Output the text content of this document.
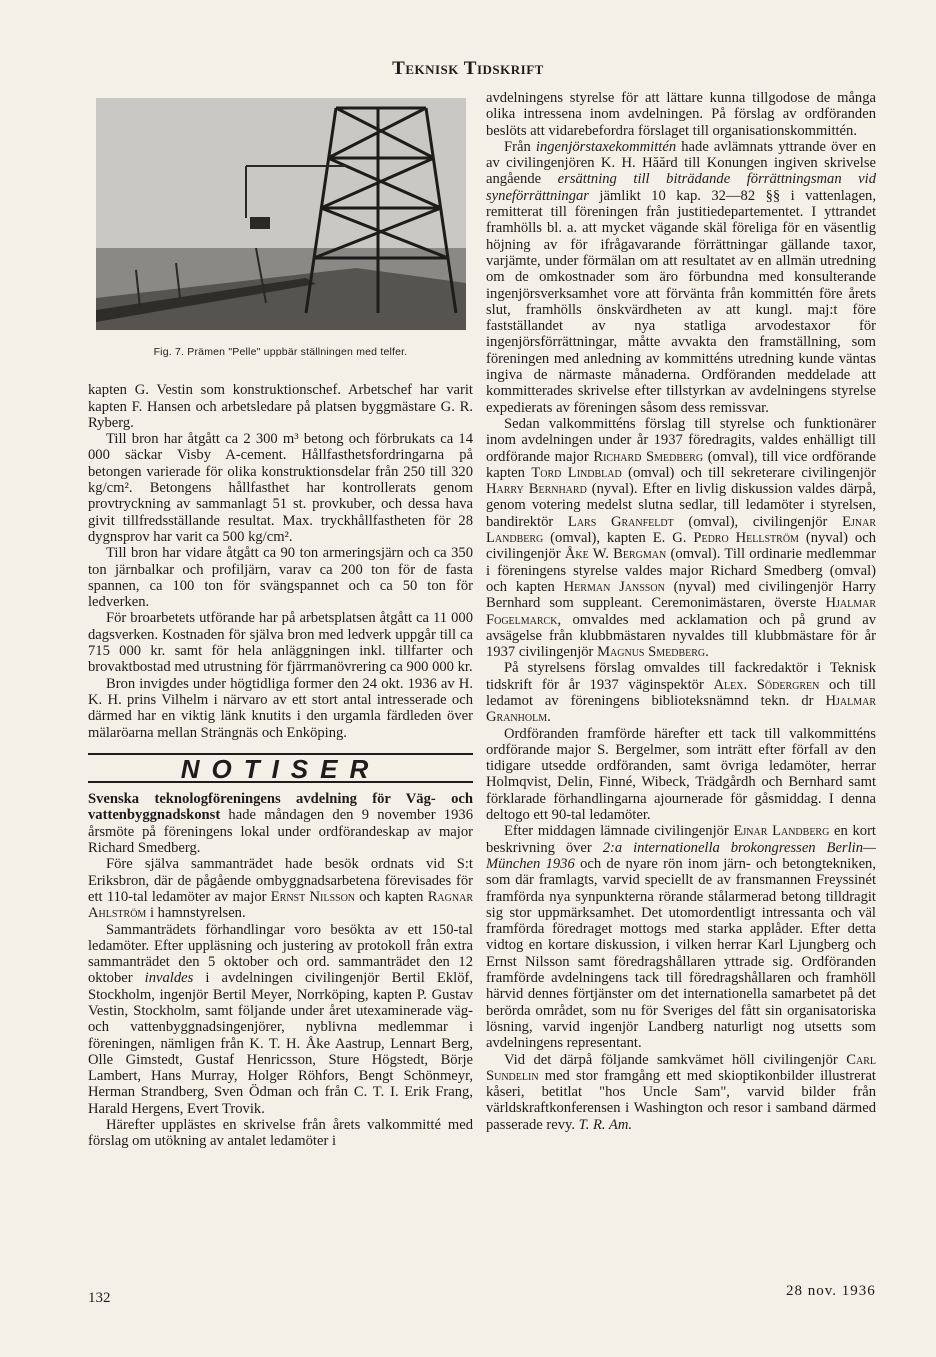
Teknisk Tidskrift
Fig. 7. Prämen "Pelle" uppbär ställningen med telfer.

kapten G. Vestin som konstruktionschef. Arbetschef har varit kapten F. Hansen och arbetsledare på platsen byggmästare G. R. Ryberg.

Till bron har åtgått ca 2 300 m³ betong och förbrukats ca 14 000 säckar Visby A-cement. Hållfasthetsfordringarna på betongen varierade för olika konstruktionsdelar från 250 till 320 kg/cm². Betongens hållfasthet har kontrollerats genom provtryckning av sammanlagt 51 st. provkuber, och dessa hava givit tillfredsställande resultat. Max. tryckhållfastheten för 28 dygnsprov har varit ca 500 kg/cm².

Till bron har vidare åtgått ca 90 ton armeringsjärn och ca 350 ton järnbalkar och profiljärn, varav ca 200 ton för de fasta spannen, ca 100 ton för svängspannet och ca 50 ton för ledverken.

För broarbetets utförande har på arbetsplatsen åtgått ca 11 000 dagsverken. Kostnaden för själva bron med ledverk uppgår till ca 715 000 kr. samt för hela anläggningen inkl. tillfarter och brovaktbostad med utrustning för fjärrmanövrering ca 900 000 kr.

Bron invigdes under högtidliga former den 24 okt. 1936 av H. K. H. prins Vilhelm i närvaro av ett stort antal intresserade och därmed har en viktig länk knutits i den urgamla färdleden över mälaröarna mellan Strängnäs och Enköping.

NOTISER

Svenska teknologföreningens avdelning för Väg- och vattenbyggnadskonst hade måndagen den 9 november 1936 årsmöte på föreningens lokal under ordförandeskap av major Richard Smedberg.

Före själva sammanträdet hade besök ordnats vid S:t Eriksbron, där de pågående ombyggnadsarbetena förevisades för ett 110-tal ledamöter av major Ernst Nilsson och kapten Ragnar Ahlström i hamnstyrelsen.

Sammanträdets förhandlingar voro besökta av ett 150-tal ledamöter. Efter uppläsning och justering av protokoll från extra sammanträdet den 5 oktober och ord. sammanträdet den 12 oktober invaldes i avdelningen civilingenjör Bertil Eklöf, Stockholm, ingenjör Bertil Meyer, Norrköping, kapten P. Gustav Vestin, Stockholm, samt följande under året utexaminerade väg- och vattenbyggnadsingenjörer, nyblivna medlemmar i föreningen, nämligen från K. T. H. Åke Aastrup, Lennart Berg, Olle Gimstedt, Gustaf Henricsson, Sture Högstedt, Börje Lambert, Hans Murray, Holger Röhfors, Bengt Schönmeyr, Herman Strandberg, Sven Ödman och från C. T. I. Erik Frang, Harald Hergens, Evert Trovik.

Härefter upplästes en skrivelse från årets valkommitté med förslag om utökning av antalet ledamöter i

avdelningens styrelse för att lättare kunna tillgodose de många olika intressena inom avdelningen. På förslag av ordföranden beslöts att vidarebefordra förslaget till organisationskommittén.

Från ingenjörstaxekommittén hade avlämnats yttrande över en av civilingenjören K. H. Hăărd till Konungen ingiven skrivelse angående ersättning till biträdande förrättningsman vid syneförrättningar jämlikt 10 kap. 32—82 §§ i vattenlagen, remitterat till föreningen från justitiedepartementet. I yttrandet framhölls bl. a. att mycket vägande skäl föreliga för en väsentlig höjning av för ifrågavarande förrättningar gällande taxor, varjämte, under förmälan om att resultatet av en allmän utredning om de omkostnader som äro förbundna med konsulterande ingenjörsverksamhet vore att förvänta från kommittén före årets slut, framhölls önskvärdheten av att kungl. maj:t före fastställandet av nya statliga arvodestaxor för ingenjörsförrättningar, måtte avvakta den framställning, som föreningen med anledning av kommitténs utredning kunde väntas ingiva de närmaste månaderna. Ordföranden meddelade att kommitterades skrivelse efter tillstyrkan av avdelningens styrelse expedierats av föreningen såsom dess remissvar.

Sedan valkommitténs förslag till styrelse och funktionärer inom avdelningen under år 1937 föredragits, valdes enhälligt till ordförande major Richard Smedberg (omval), till vice ordförande kapten Tord Lindblad (omval) och till sekreterare civilingenjör Harry Bernhard (nyval). Efter en livlig diskussion valdes därpå, genom votering medelst slutna sedlar, till ledamöter i styrelsen, bandirektör Lars Granfeldt (omval), civilingenjör Ejnar Landberg (omval), kapten E. G. Pedro Hellström (nyval) och civilingenjör Åke W. Bergman (omval). Till ordinarie medlemmar i föreningens styrelse valdes major Richard Smedberg (omval) och kapten Herman Jansson (nyval) med civilingenjör Harry Bernhard som suppleant. Ceremonimästaren, överste Hjalmar Fogelmarck, omvaldes med acklamation och på grund av avsägelse från klubbmästaren nyvaldes till klubbmästare för år 1937 civilingenjör Magnus Smedberg.

På styrelsens förslag omvaldes till fackredaktör i Teknisk tidskrift för år 1937 väginspektör Alex. Södergren och till ledamot av föreningens biblioteksnämnd tekn. dr Hjalmar Granholm.

Ordföranden framförde härefter ett tack till valkommitténs ordförande major S. Bergelmer, som inträtt efter förfall av den tidigare utsedde ordföranden, samt övriga ledamöter, herrar Holmqvist, Delin, Finné, Wibeck, Trädgårdh och Bernhard samt förklarade förhandlingarna ajournerade för gåsmiddag. I denna deltogo ett 90-tal ledamöter.

Efter middagen lämnade civilingenjör Ejnar Landberg en kort beskrivning över 2:a internationella brokongressen Berlin—München 1936 och de nyare rön inom järn- och betongtekniken, som där framlagts, varvid speciellt de av fransmannen Freyssinét framförda nya synpunkterna rörande stålarmerad betong tilldragit sig stor uppmärksamhet. Det utomordentligt intressanta och väl framförda föredraget mottogs med starka applåder. Efter detta vidtog en kortare diskussion, i vilken herrar Karl Ljungberg och Ernst Nilsson samt föredragshållaren yttrade sig. Ordföranden framförde avdelningens tack till föredragshållaren och framhöll härvid dennes förtjänster om det internationella samarbetet på det berörda området, som nu för Sveriges del fått sin organisatoriska lösning, varvid ingenjör Landberg naturligt nog utsetts som avdelningens representant.

Vid det därpå följande samkvämet höll civilingenjör Carl Sundelin med stor framgång ett med skioptikonbilder illustrerat kåseri, betitlat "hos Uncle Sam", varvid bilder från världskraftkonferensen i Washington och resor i samband därmed passerade revy. T. R. Am.

132	28 nov. 1936
